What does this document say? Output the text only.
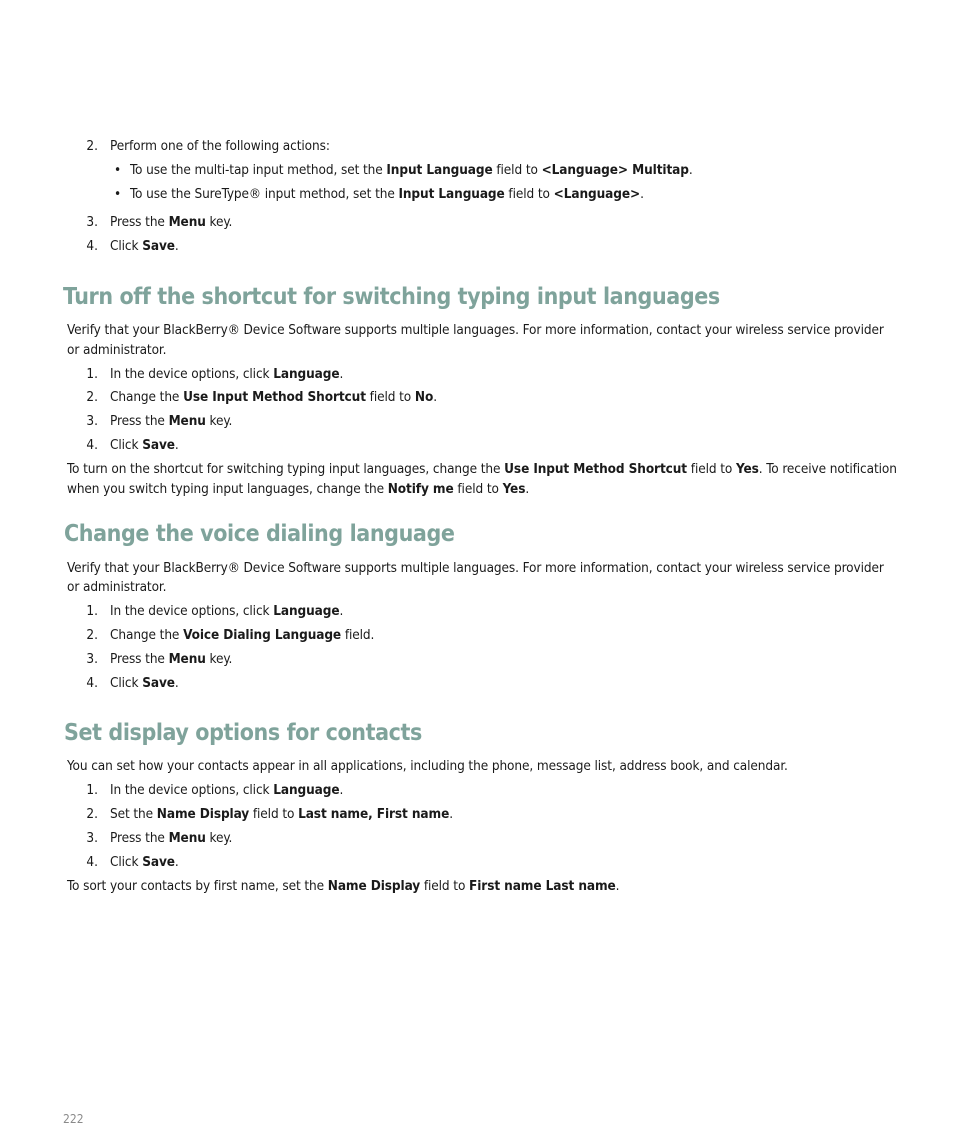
2. Perform one of the following actions:
• To use the multi-tap input method, set the Input Language field to <Language> Multitap.
• To use the SureType® input method, set the Input Language field to <Language>.
3. Press the Menu key.
4. Click Save.
Turn off the shortcut for switching typing input languages
Verify that your BlackBerry® Device Software supports multiple languages. For more information, contact your wireless service provider
or administrator.
1. In the device options, click Language.
2. Change the Use Input Method Shortcut field to No.
3. Press the Menu key.
4. Click Save.
To turn on the shortcut for switching typing input languages, change the Use Input Method Shortcut field to Yes. To receive notification
when you switch typing input languages, change the Notify me field to Yes.
Change the voice dialing language
Verify that your BlackBerry® Device Software supports multiple languages. For more information, contact your wireless service provider
or administrator.
1. In the device options, click Language.
2. Change the Voice Dialing Language field.
3. Press the Menu key.
4. Click Save.
Set display options for contacts
You can set how your contacts appear in all applications, including the phone, message list, address book, and calendar.
1. In the device options, click Language.
2. Set the Name Display field to Last name, First name.
3. Press the Menu key.
4. Click Save.
To sort your contacts by first name, set the Name Display field to First name Last name.
222
